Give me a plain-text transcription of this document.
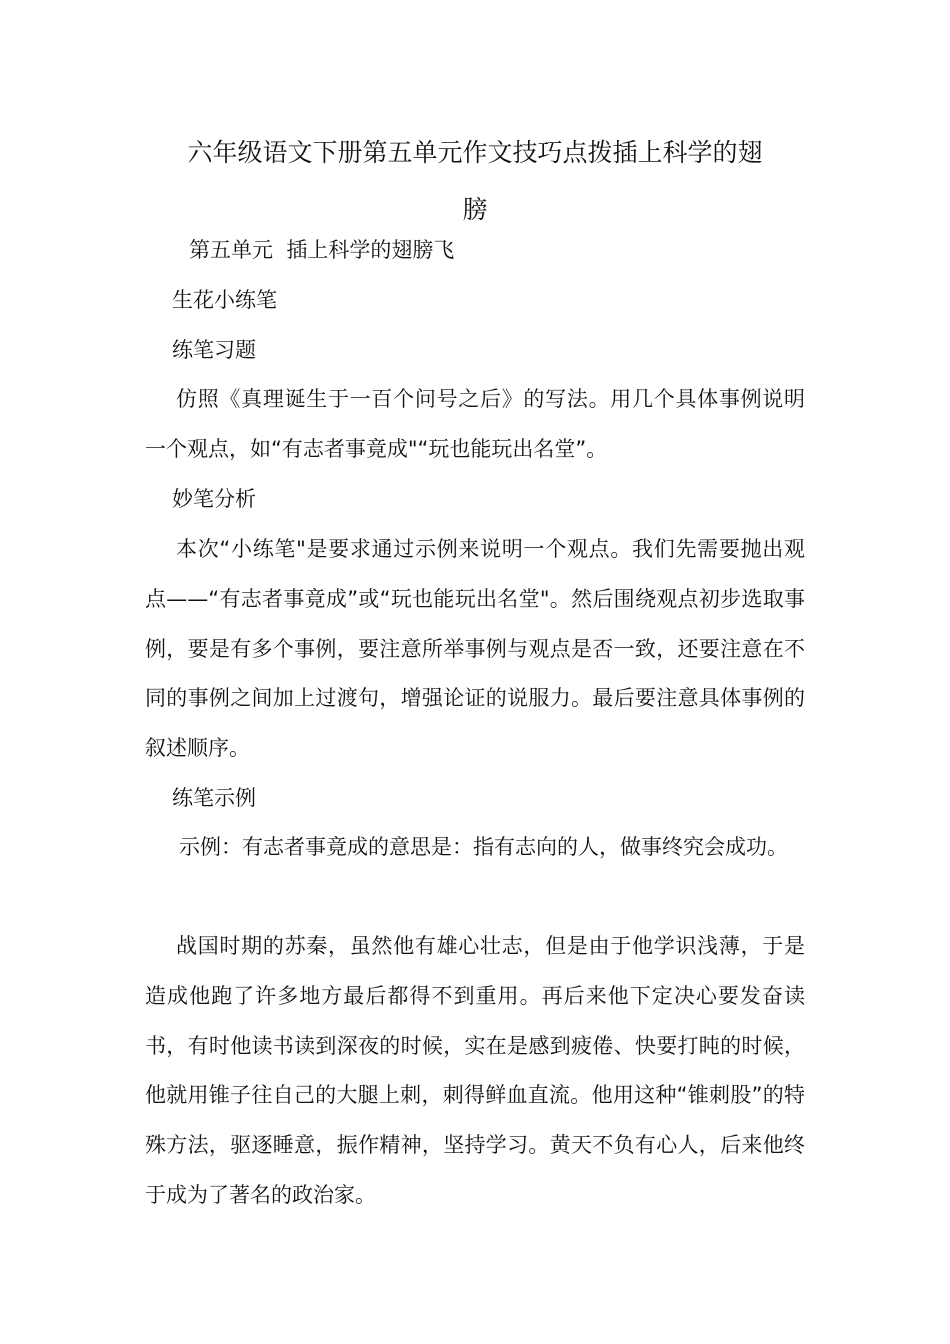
六年级语文下册第五单元作文技巧点拨插上科学的翅
膀
第五单元  插上科学的翅膀飞
生花小练笔
练笔习题
仿照《真理诞生于一百个问号之后》的写法。用几个具体事例说明一个观点，如“有志者事竟成"“玩也能玩出名堂”。
妙笔分析
本次“小练笔"是要求通过示例来说明一个观点。我们先需要抛出观点——“有志者事竟成”或“玩也能玩出名堂"。然后围绕观点初步选取事例，要是有多个事例，要注意所举事例与观点是否一致，还要注意在不同的事例之间加上过渡句，增强论证的说服力。最后要注意具体事例的叙述顺序。
练笔示例
示例：有志者事竟成的意思是：指有志向的人，做事终究会成功。
战国时期的苏秦，虽然他有雄心壮志，但是由于他学识浅薄，于是造成他跑了许多地方最后都得不到重用。再后来他下定决心要发奋读书，有时他读书读到深夜的时候，实在是感到疲倦、快要打盹的时候，他就用锥子往自己的大腿上刺，刺得鲜血直流。他用这种“锥刺股”的特殊方法，驱逐睡意，振作精神，坚持学习。黄天不负有心人，后来他终于成为了著名的政治家。
